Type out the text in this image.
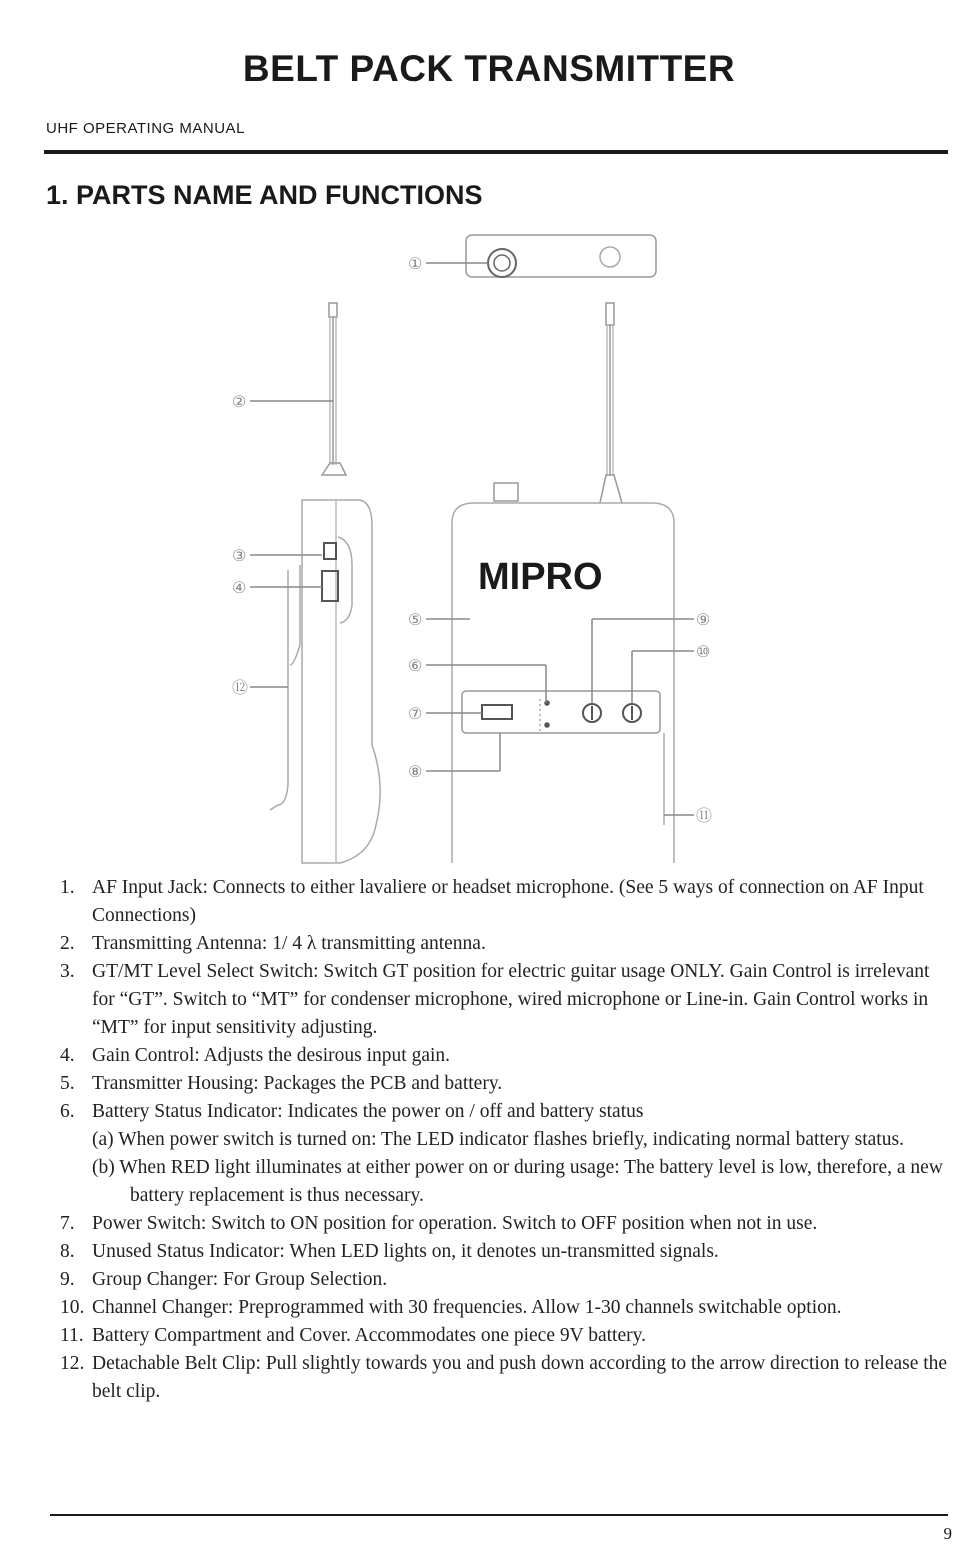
BELT PACK TRANSMITTER
UHF OPERATING MANUAL
1. PARTS NAME AND FUNCTIONS
MIPRO
①
②
③
④
⑤
⑥
⑦
⑧
⑨
⑩
⑪
⑫
1. AF Input Jack: Connects to either lavaliere or headset microphone. (See 5 ways of connection on AF Input Connections)
2. Transmitting Antenna: 1/ 4 λ transmitting antenna.
3. GT/MT Level Select Switch: Switch GT position for electric guitar usage ONLY. Gain Control is irrelevant for “GT”. Switch to “MT” for condenser microphone, wired microphone or Line-in. Gain Control works in “MT” for input sensitivity adjusting.
4. Gain Control: Adjusts the desirous input gain.
5. Transmitter Housing: Packages the PCB and battery.
6. Battery Status Indicator: Indicates the power on / off and battery status
(a) When power switch is turned on: The LED indicator flashes briefly, indicating normal battery status.
(b) When RED light illuminates at either power on or during usage: The battery level is low, therefore, a new battery replacement is thus necessary.
7. Power Switch: Switch to ON position for operation. Switch to OFF position when not in use.
8. Unused Status Indicator: When LED lights on, it denotes un-transmitted signals.
9. Group Changer: For Group Selection.
10. Channel Changer: Preprogrammed with 30 frequencies. Allow 1-30 channels switchable option.
11. Battery Compartment and Cover. Accommodates one piece 9V battery.
12. Detachable Belt Clip: Pull slightly towards you and push down according to the arrow direction to release the belt clip.
9
